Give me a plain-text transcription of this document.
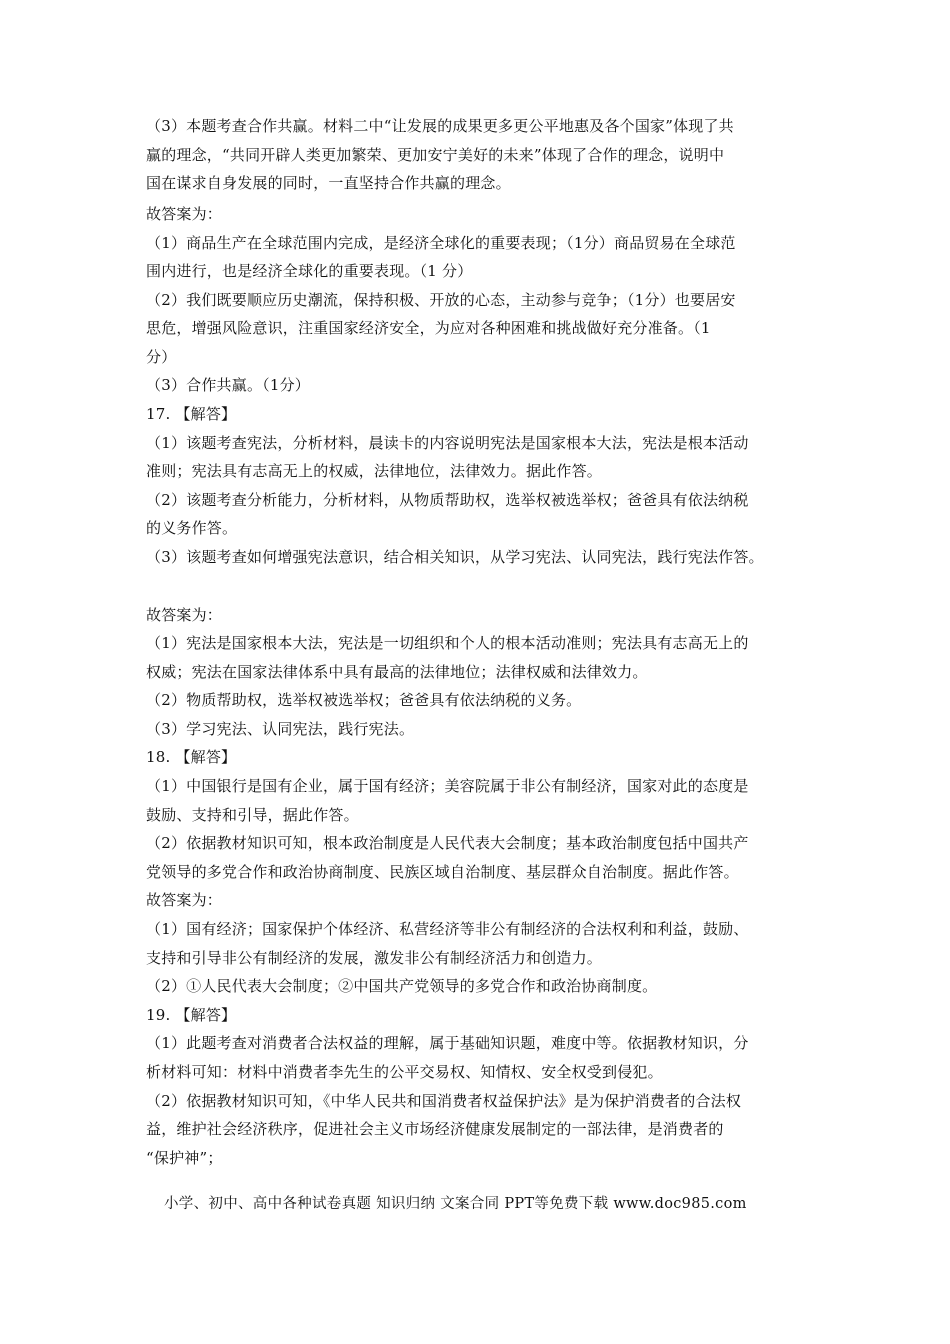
（3）本题考查合作共赢。材料二中“让发展的成果更多更公平地惠及各个国家”体现了共
赢的理念，“共同开辟人类更加繁荣、更加安宁美好的未来”体现了合作的理念，说明中
国在谋求自身发展的同时，一直坚持合作共赢的理念。
故答案为：
（1）商品生产在全球范围内完成，是经济全球化的重要表现；（1分）商品贸易在全球范
围内进行，也是经济全球化的重要表现。（1 分）
（2）我们既要顺应历史潮流，保持积极、开放的心态，主动参与竞争；（1分）也要居安
思危，增强风险意识，注重国家经济安全，为应对各种困难和挑战做好充分准备。（1
分）
（3）合作共赢。（1分）
17. 【解答】
（1）该题考查宪法，分析材料，晨读卡的内容说明宪法是国家根本大法，宪法是根本活动
准则；宪法具有志高无上的权威，法律地位，法律效力。据此作答。
（2）该题考查分析能力，分析材料，从物质帮助权，选举权被选举权；爸爸具有依法纳税
的义务作答。
（3）该题考查如何增强宪法意识，结合相关知识，从学习宪法、认同宪法，践行宪法作答。
故答案为：
（1）宪法是国家根本大法，宪法是一切组织和个人的根本活动准则；宪法具有志高无上的
权威；宪法在国家法律体系中具有最高的法律地位；法律权威和法律效力。
（2）物质帮助权，选举权被选举权；爸爸具有依法纳税的义务。
（3）学习宪法、认同宪法，践行宪法。
18. 【解答】
（1）中国银行是国有企业，属于国有经济；美容院属于非公有制经济，国家对此的态度是
鼓励、支持和引导，据此作答。
（2）依据教材知识可知，根本政治制度是人民代表大会制度；基本政治制度包括中国共产
党领导的多党合作和政治协商制度、民族区域自治制度、基层群众自治制度。据此作答。
故答案为：
（1）国有经济；国家保护个体经济、私营经济等非公有制经济的合法权利和利益，鼓励、
支持和引导非公有制经济的发展，激发非公有制经济活力和创造力。
（2）①人民代表大会制度；②中国共产党领导的多党合作和政治协商制度。
19. 【解答】
（1）此题考查对消费者合法权益的理解，属于基础知识题，难度中等。依据教材知识，分
析材料可知：材料中消费者李先生的公平交易权、知情权、安全权受到侵犯。
（2）依据教材知识可知，《中华人民共和国消费者权益保护法》是为保护消费者的合法权
益，维护社会经济秩序，促进社会主义市场经济健康发展制定的一部法律，是消费者的
“保护神”；
小学、初中、高中各种试卷真题 知识归纳 文案合同 PPT等免费下载 www.doc985.com
